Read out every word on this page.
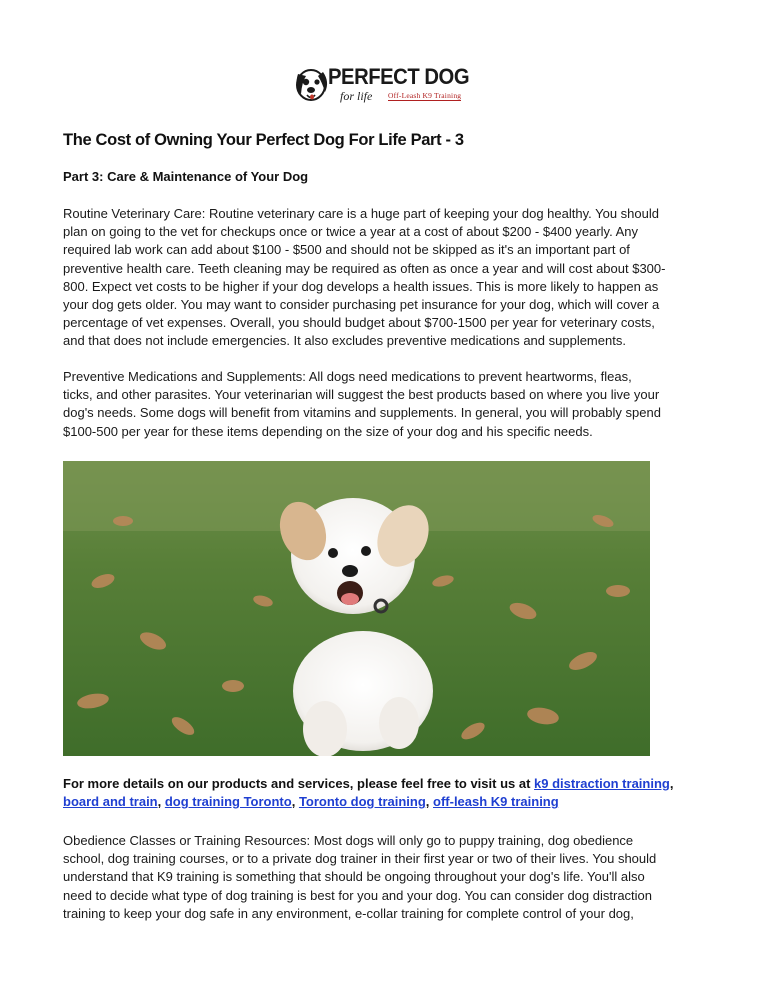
PERFECT DOG
for life Off-Leash K9 Training
The Cost of Owning Your Perfect Dog For Life Part - 3

Part 3: Care & Maintenance of Your Dog

Routine Veterinary Care: Routine veterinary care is a huge part of keeping your dog healthy. You should
plan on going to the vet for checkups once or twice a year at a cost of about $200 - $400 yearly. Any
required lab work can add about $100 - $500 and should not be skipped as it's an important part of
preventive health care. Teeth cleaning may be required as often as once a year and will cost about $300-
800. Expect vet costs to be higher if your dog develops a health issues. This is more likely to happen as
your dog gets older. You may want to consider purchasing pet insurance for your dog, which will cover a
percentage of vet expenses. Overall, you should budget about $700-1500 per year for veterinary costs,
and that does not include emergencies. It also excludes preventive medications and supplements.

Preventive Medications and Supplements: All dogs need medications to prevent heartworms, fleas,
ticks, and other parasites. Your veterinarian will suggest the best products based on where you live your
dog's needs. Some dogs will benefit from vitamins and supplements. In general, you will probably spend
$100-500 per year for these items depending on the size of your dog and his specific needs.

For more details on our products and services, please feel free to visit us at k9 distraction training,
board and train, dog training Toronto, Toronto dog training, off-leash K9 training

Obedience Classes or Training Resources: Most dogs will only go to puppy training, dog obedience
school, dog training courses, or to a private dog trainer in their first year or two of their lives. You should
understand that K9 training is something that should be ongoing throughout your dog's life. You'll also
need to decide what type of dog training is best for you and your dog. You can consider dog distraction
training to keep your dog safe in any environment, e-collar training for complete control of your dog,
